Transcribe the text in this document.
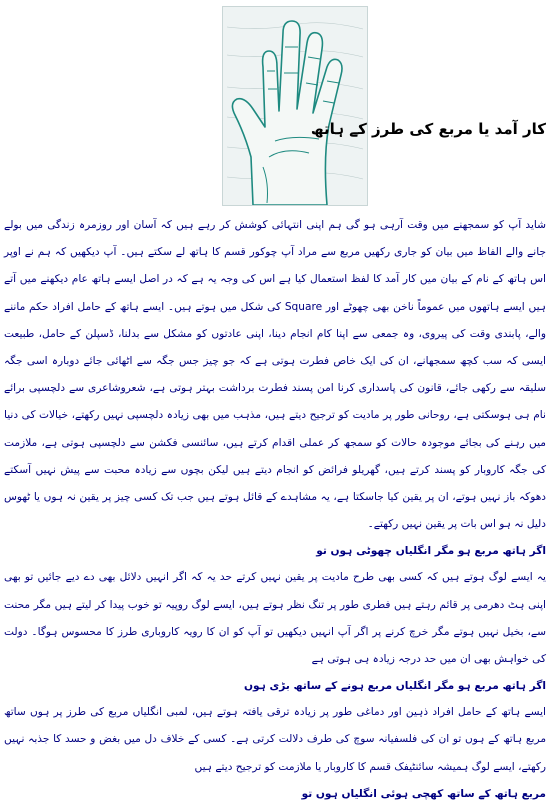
کار آمد یا مربع کی طرز کے ہاتھ

شاید آپ کو سمجھنے میں وقت آرہی ہو گی ہم اپنی انتہائی کوشش کر رہے ہیں کہ آسان اور روزمرہ زندگی میں بولے جانے والے الفاظ میں بیان کو جاری رکھیں مربع سے مراد آپ چوکور قسم کا ہاتھ لے سکتے ہیں۔ آپ دیکھیں کہ ہم نے اوپر اس ہاتھ کے نام کے بیان میں کار آمد کا لفظ استعمال کیا ہے اس کی وجہ یہ ہے کہ در اصل ایسے ہاتھ عام دیکھنے میں آتے ہیں ایسے ہاتھوں میں عموماً ناخن بھی چھوٹے اور Square کی شکل میں ہوتے ہیں۔ ایسے ہاتھ کے حامل افراد حکم ماننے والے، پابندی وقت کی پیروی، وہ جمعی سے اپنا کام انجام دینا، اپنی عادتوں کو مشکل سے بدلنا، ڈسپلن کے حامل، طبیعت ایسی کہ سب کچھ سمجھانے، ان کی ایک خاص فطرت ہوتی ہے کہ جو چیز جس جگہ سے اٹھائی جائے دوبارہ اسی جگہ سلیقہ سے رکھی جائے، قانون کی پاسداری کرنا امن پسند فطرت برداشت بہتر ہوتی ہے، شعروشاعری سے دلچسپی برائے نام ہی ہوسکتی ہے، روحانی طور پر مادیت کو ترجیح دیتے ہیں، مذہب میں بھی زیادہ دلچسپی نہیں رکھتے، خیالات کی دنیا میں رہنے کی بجائے موجودہ حالات کو سمجھ کر عملی اقدام کرتے ہیں، سائنسی فکشن سے دلچسپی ہوتی ہے، ملازمت کی جگہ کاروبار کو پسند کرتے ہیں، گھریلو فرائض کو انجام دیتے ہیں لیکن بچوں سے زیادہ محبت سے پیش نہیں آسکتے دھوکہ باز نہیں ہوتے، ان پر یقین کیا جاسکتا ہے، یہ مشاہدے کے قائل ہوتے ہیں جب تک کسی چیز پر یقین نہ ہوں یا ٹھوس دلیل نہ ہو اس بات پر یقین نہیں رکھتے۔

اگر ہاتھ مربع ہو مگر انگلیاں چھوٹی ہوں تو

یہ ایسے لوگ ہوتے ہیں کہ کسی بھی طرح مادیت پر یقین نہیں کرتے حد یہ کہ اگر انہیں دلائل بھی دے دیے جائیں تو بھی اپنی ہٹ دھرمی پر قائم رہتے ہیں فطری طور پر تنگ نظر ہوتے ہیں، ایسے لوگ روپیہ تو خوب پیدا کر لیتے ہیں مگر محنت سے، بخیل نہیں ہوتے مگر خرچ کرنے پر اگر آپ انہیں دیکھیں تو آپ کو ان کا رویہ کاروباری طرز کا محسوس ہوگا۔ دولت کی خواہش بھی ان میں حد درجہ زیادہ ہی ہوتی ہے

اگر ہاتھ مربع ہو مگر انگلیاں مربع ہونے کے ساتھ بڑی ہوں

ایسے ہاتھ کے حامل افراد ذہین اور دماغی طور پر زیادہ ترقی یافتہ ہوتے ہیں، لمبی انگلیاں مربع کی طرز پر ہوں ساتھ مربع ہاتھ کے ہوں تو ان کی فلسفیانہ سوچ کی طرف دلالت کرتی ہے۔ کسی کے خلاف دل میں بغض و حسد کا جذبہ نہیں رکھتے، ایسے لوگ ہمیشہ سائنٹیفک قسم کا کاروبار یا ملازمت کو ترجیح دیتے ہیں

مربع ہاتھ کے ساتھ کھچی ہوئی انگلیاں ہوں تو
